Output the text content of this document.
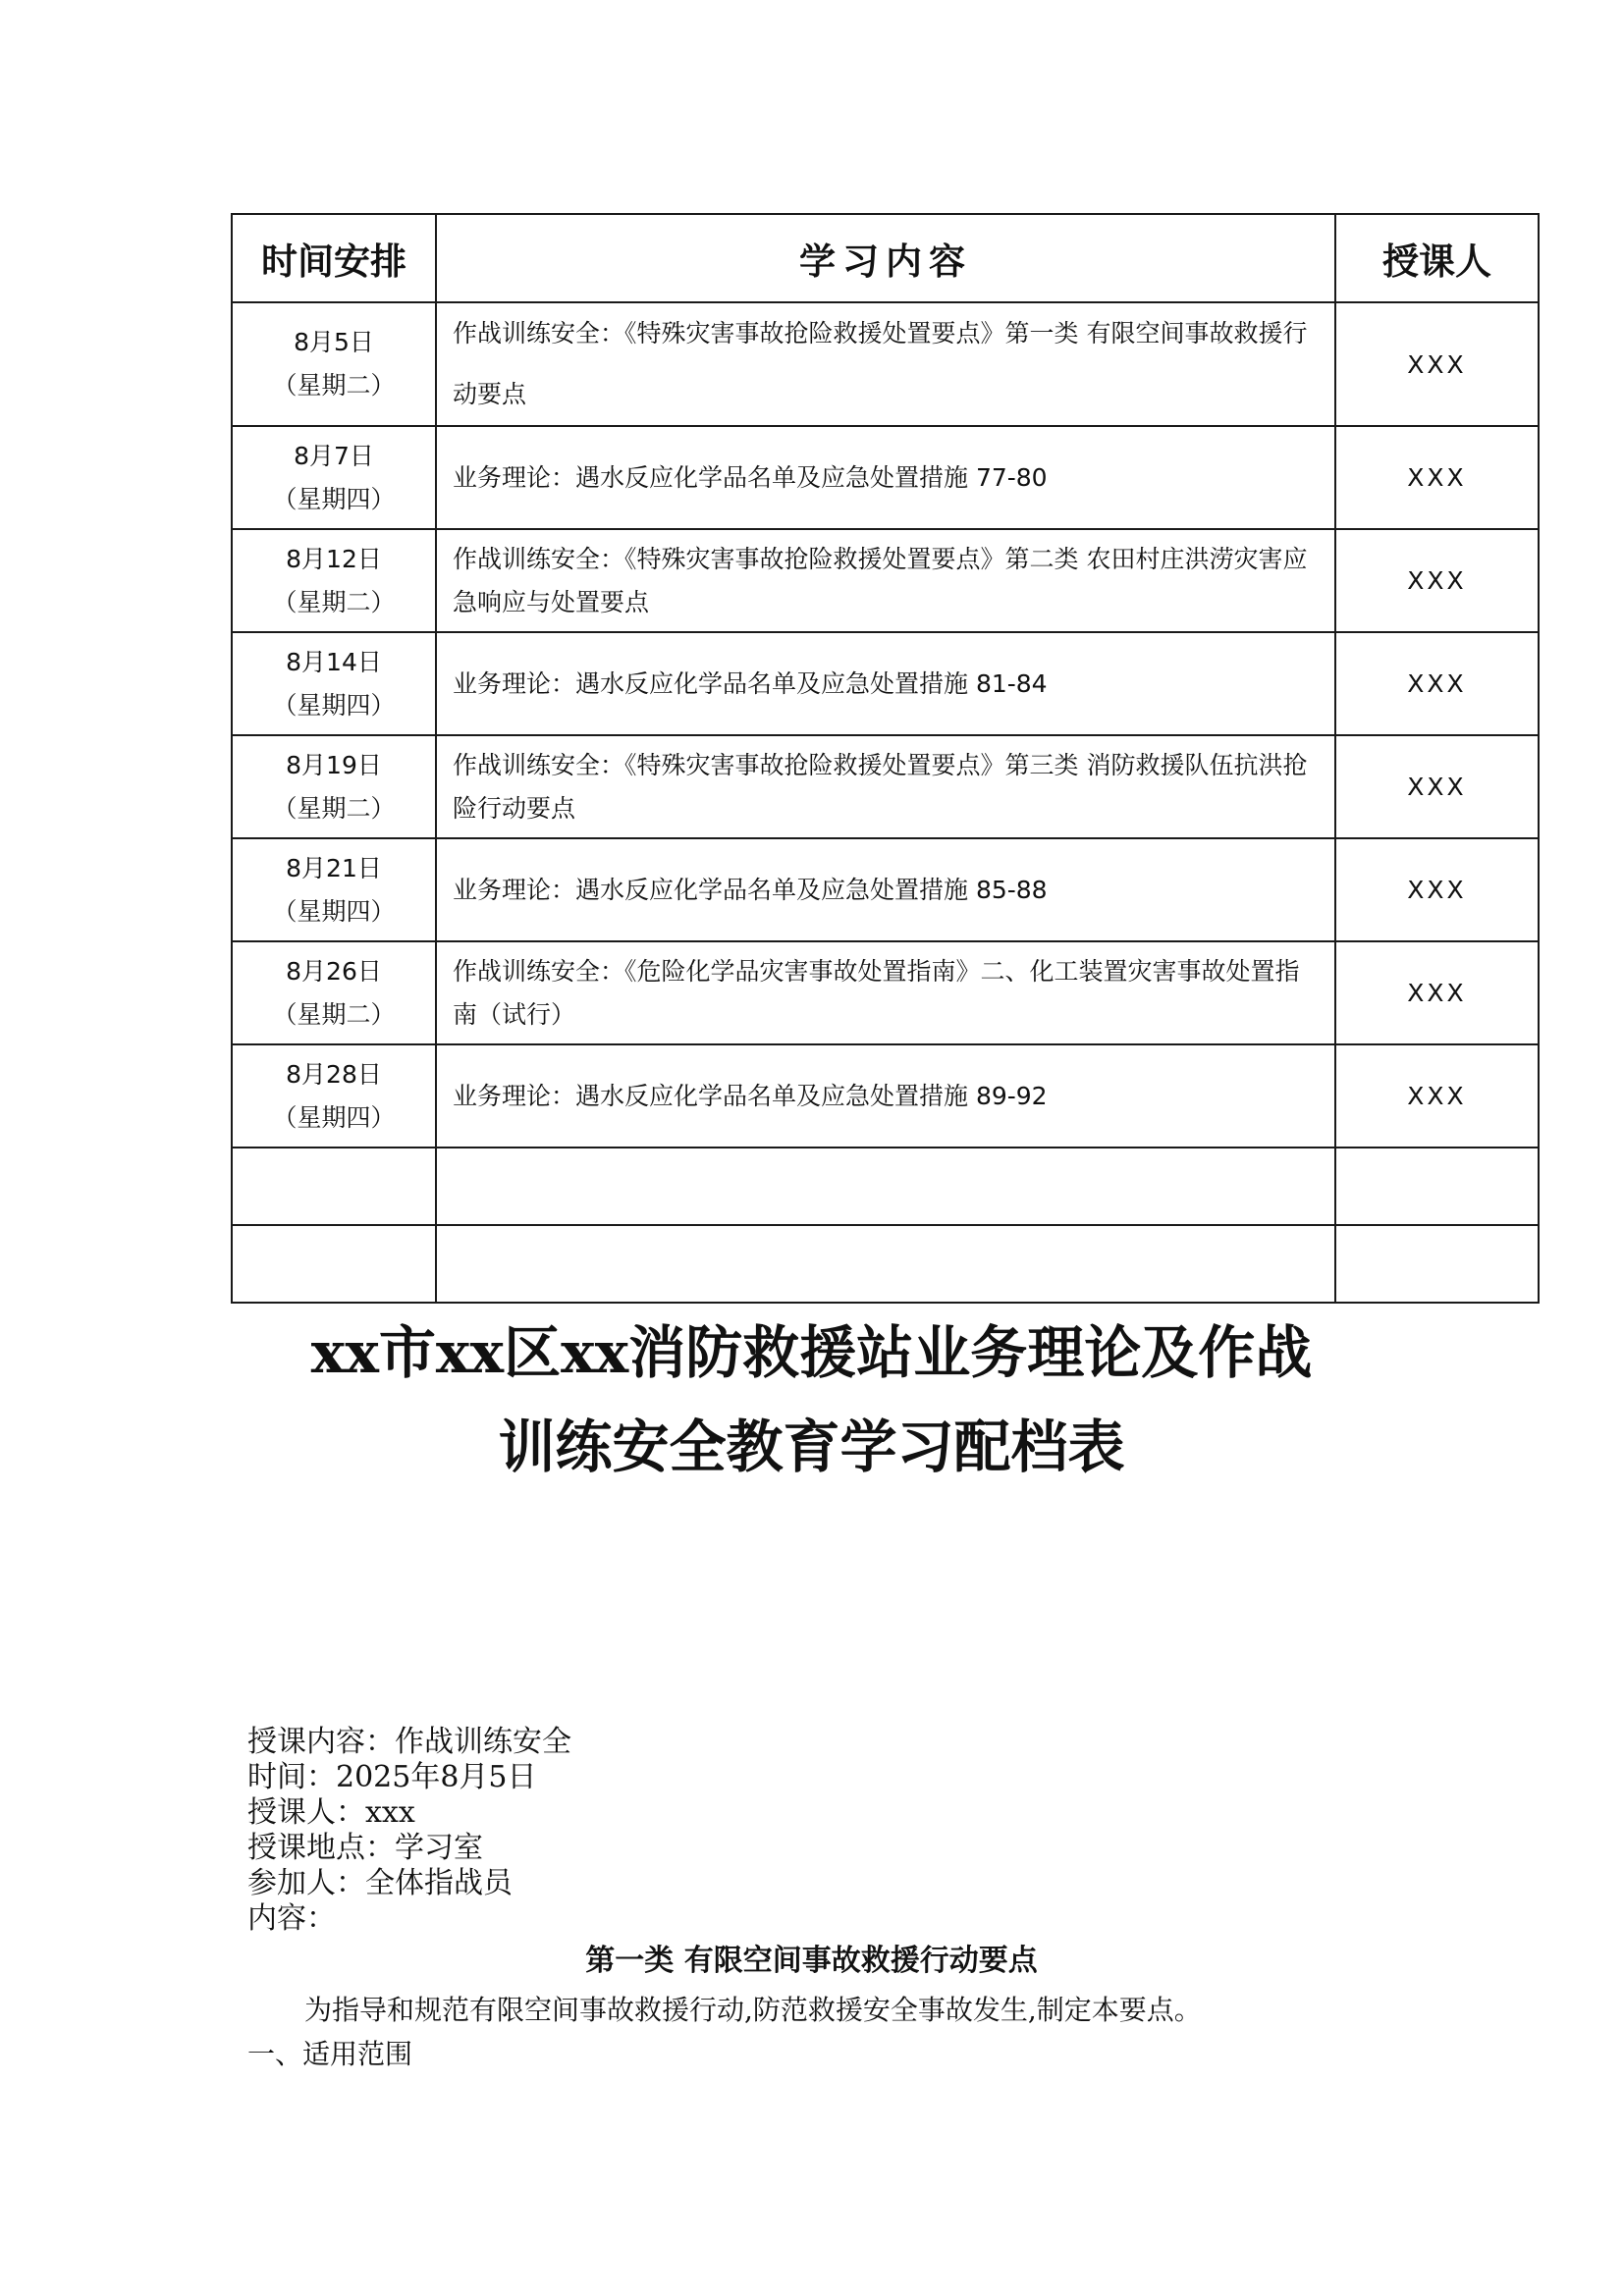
时间安排	学习内容	授课人

8月5日
（星期二）	作战训练安全：《特殊灾害事故抢险救援处置要点》第一类 有限空间事故救援行动要点	XXX

8月7日
（星期四）	业务理论：遇水反应化学品名单及应急处置措施 77-80	XXX

8月12日
（星期二）	作战训练安全：《特殊灾害事故抢险救援处置要点》第二类 农田村庄洪涝灾害应急响应与处置要点	XXX

8月14日
（星期四）	业务理论：遇水反应化学品名单及应急处置措施 81-84	XXX

8月19日
（星期二）	作战训练安全：《特殊灾害事故抢险救援处置要点》第三类 消防救援队伍抗洪抢险行动要点	XXX

8月21日
（星期四）	业务理论：遇水反应化学品名单及应急处置措施 85-88	XXX

8月26日
（星期二）	作战训练安全：《危险化学品灾害事故处置指南》二、化工装置灾害事故处置指南（试行）	XXX

8月28日
（星期四）	业务理论：遇水反应化学品名单及应急处置措施 89-92	XXX

xx市xx区xx消防救援站业务理论及作战
训练安全教育学习配档表
授课内容：作战训练安全
时间：2025年8月5日
授课人：xxx
授课地点：学习室
参加人：全体指战员
内容：
第一类 有限空间事故救援行动要点
为指导和规范有限空间事故救援行动,防范救援安全事故发生,制定本要点。
一、适用范围
